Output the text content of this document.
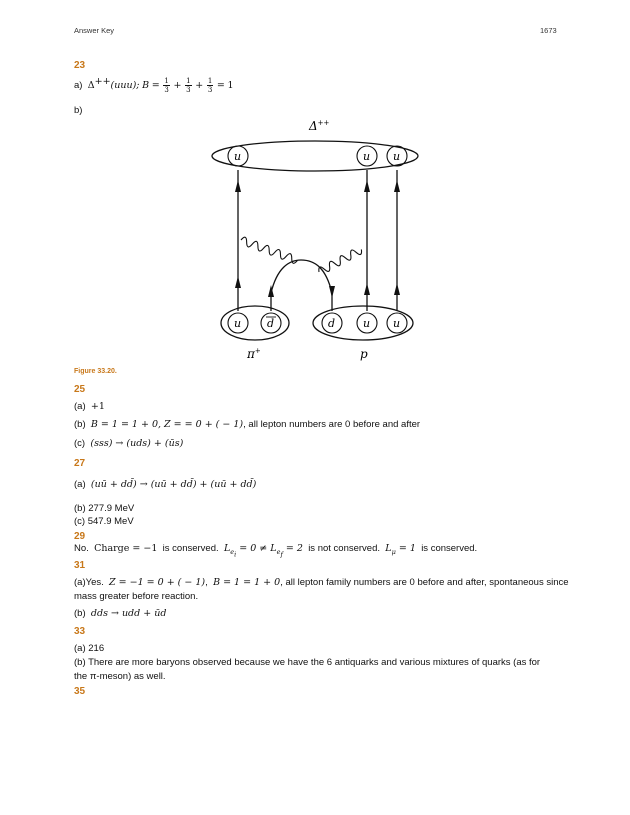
Answer Key	1673
23
a) Δ++(uuu); $B = \frac{1}{3} + \frac{1}{3} + \frac{1}{3} = 1$
b)
Δ++
u	u u
u d	d	u u
π+	p
Figure 33.20.
25
(a) +1
(b) B = 1 = 1 + 0, Z = = 0 + ( − 1), all lepton numbers are 0 before and after
(c) (sss) → (uds) + (ūs)
27
(a) (uū + dd̄) → (uū + dd̄) + (uū + dd̄)
(b) 277.9 MeV
(c) 547.9 MeV
29
No. Charge = −1 is conserved. $L_{e_i} = 0 \ne L_{e_f} = 2$ is not conserved. $L_\mu = 1$ is conserved.
31
(a)Yes. Z = −1 = 0 + ( − 1), B = 1 = 1 + 0, all lepton family numbers are 0 before and after, spontaneous since
mass greater before reaction.
(b) dds → udd + ūd
33
(a) 216
(b) There are more baryons observed because we have the 6 antiquarks and various mixtures of quarks (as for the π-meson) as well.
35
